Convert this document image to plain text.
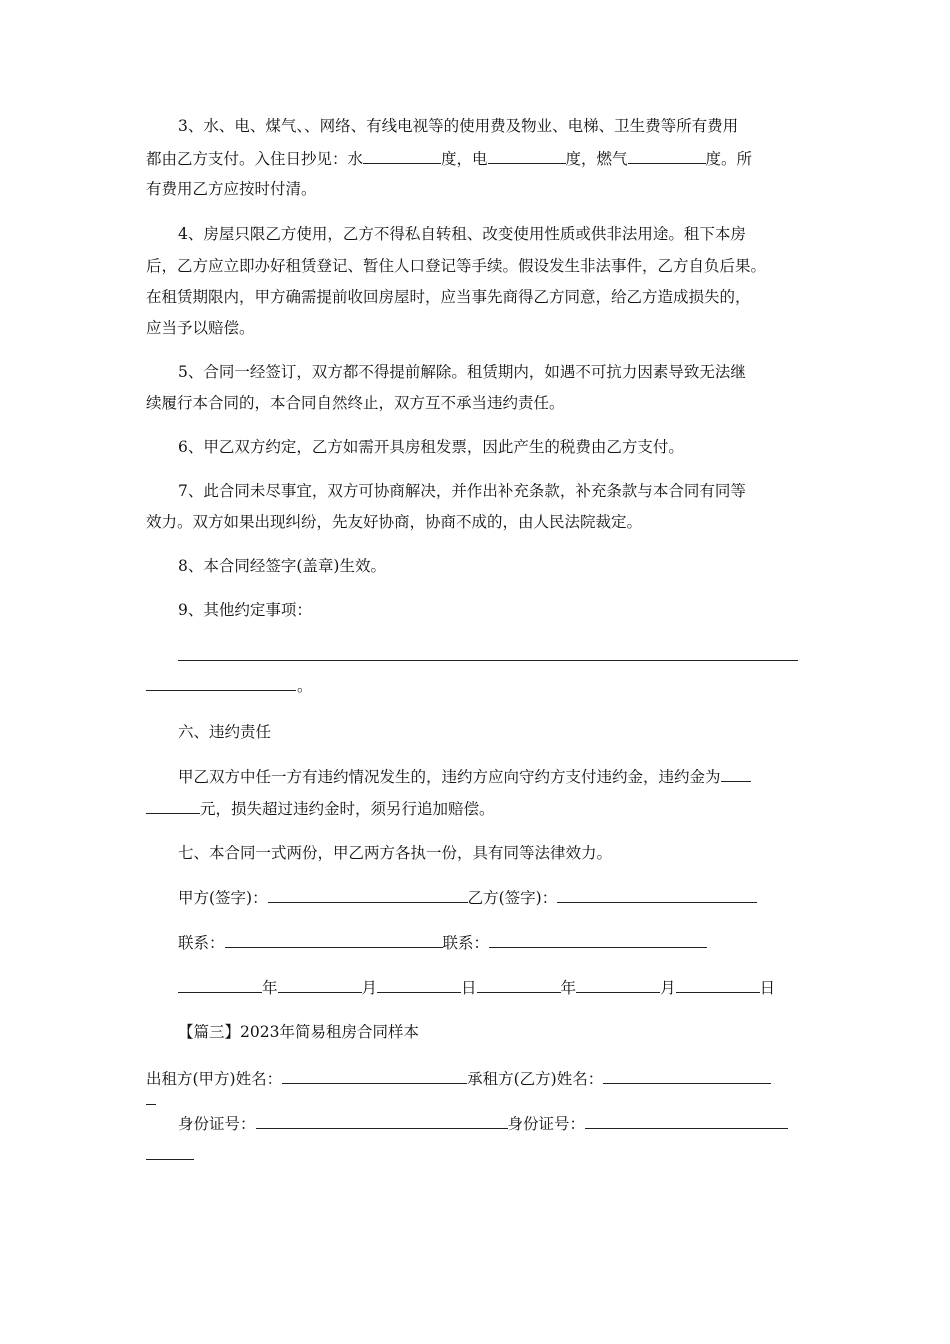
3、水、电、煤气、、网络、有线电视等的使用费及物业、电梯、卫生费等所有费用
都由乙方支付。入住日抄见：水	度，电	度，燃气	度。所
有费用乙方应按时付清。
4、房屋只限乙方使用，乙方不得私自转租、改变使用性质或供非法用途。租下本房
后，乙方应立即办好租赁登记、暂住人口登记等手续。假设发生非法事件，乙方自负后果。
在租赁期限内，甲方确需提前收回房屋时，应当事先商得乙方同意，给乙方造成损失的，
应当予以赔偿。
5、合同一经签订，双方都不得提前解除。租赁期内，如遇不可抗力因素导致无法继
续履行本合同的，本合同自然终止，双方互不承当违约责任。
6、甲乙双方约定，乙方如需开具房租发票，因此产生的税费由乙方支付。
7、此合同未尽事宜，双方可协商解决，并作出补充条款，补充条款与本合同有同等
效力。双方如果出现纠纷，先友好协商，协商不成的，由人民法院裁定。
8、本合同经签字(盖章)生效。
9、其他约定事项：
。
六、违约责任
甲乙双方中任一方有违约情况发生的，违约方应向守约方支付违约金，违约金为
元，损失超过违约金时，须另行追加赔偿。
七、本合同一式两份，甲乙两方各执一份，具有同等法律效力。
甲方(签字)：	乙方(签字)：
联系：	联系：
年	月	日	年	月	日
【篇三】2023年简易租房合同样本
出租方(甲方)姓名：	承租方(乙方)姓名：
身份证号：	身份证号：
